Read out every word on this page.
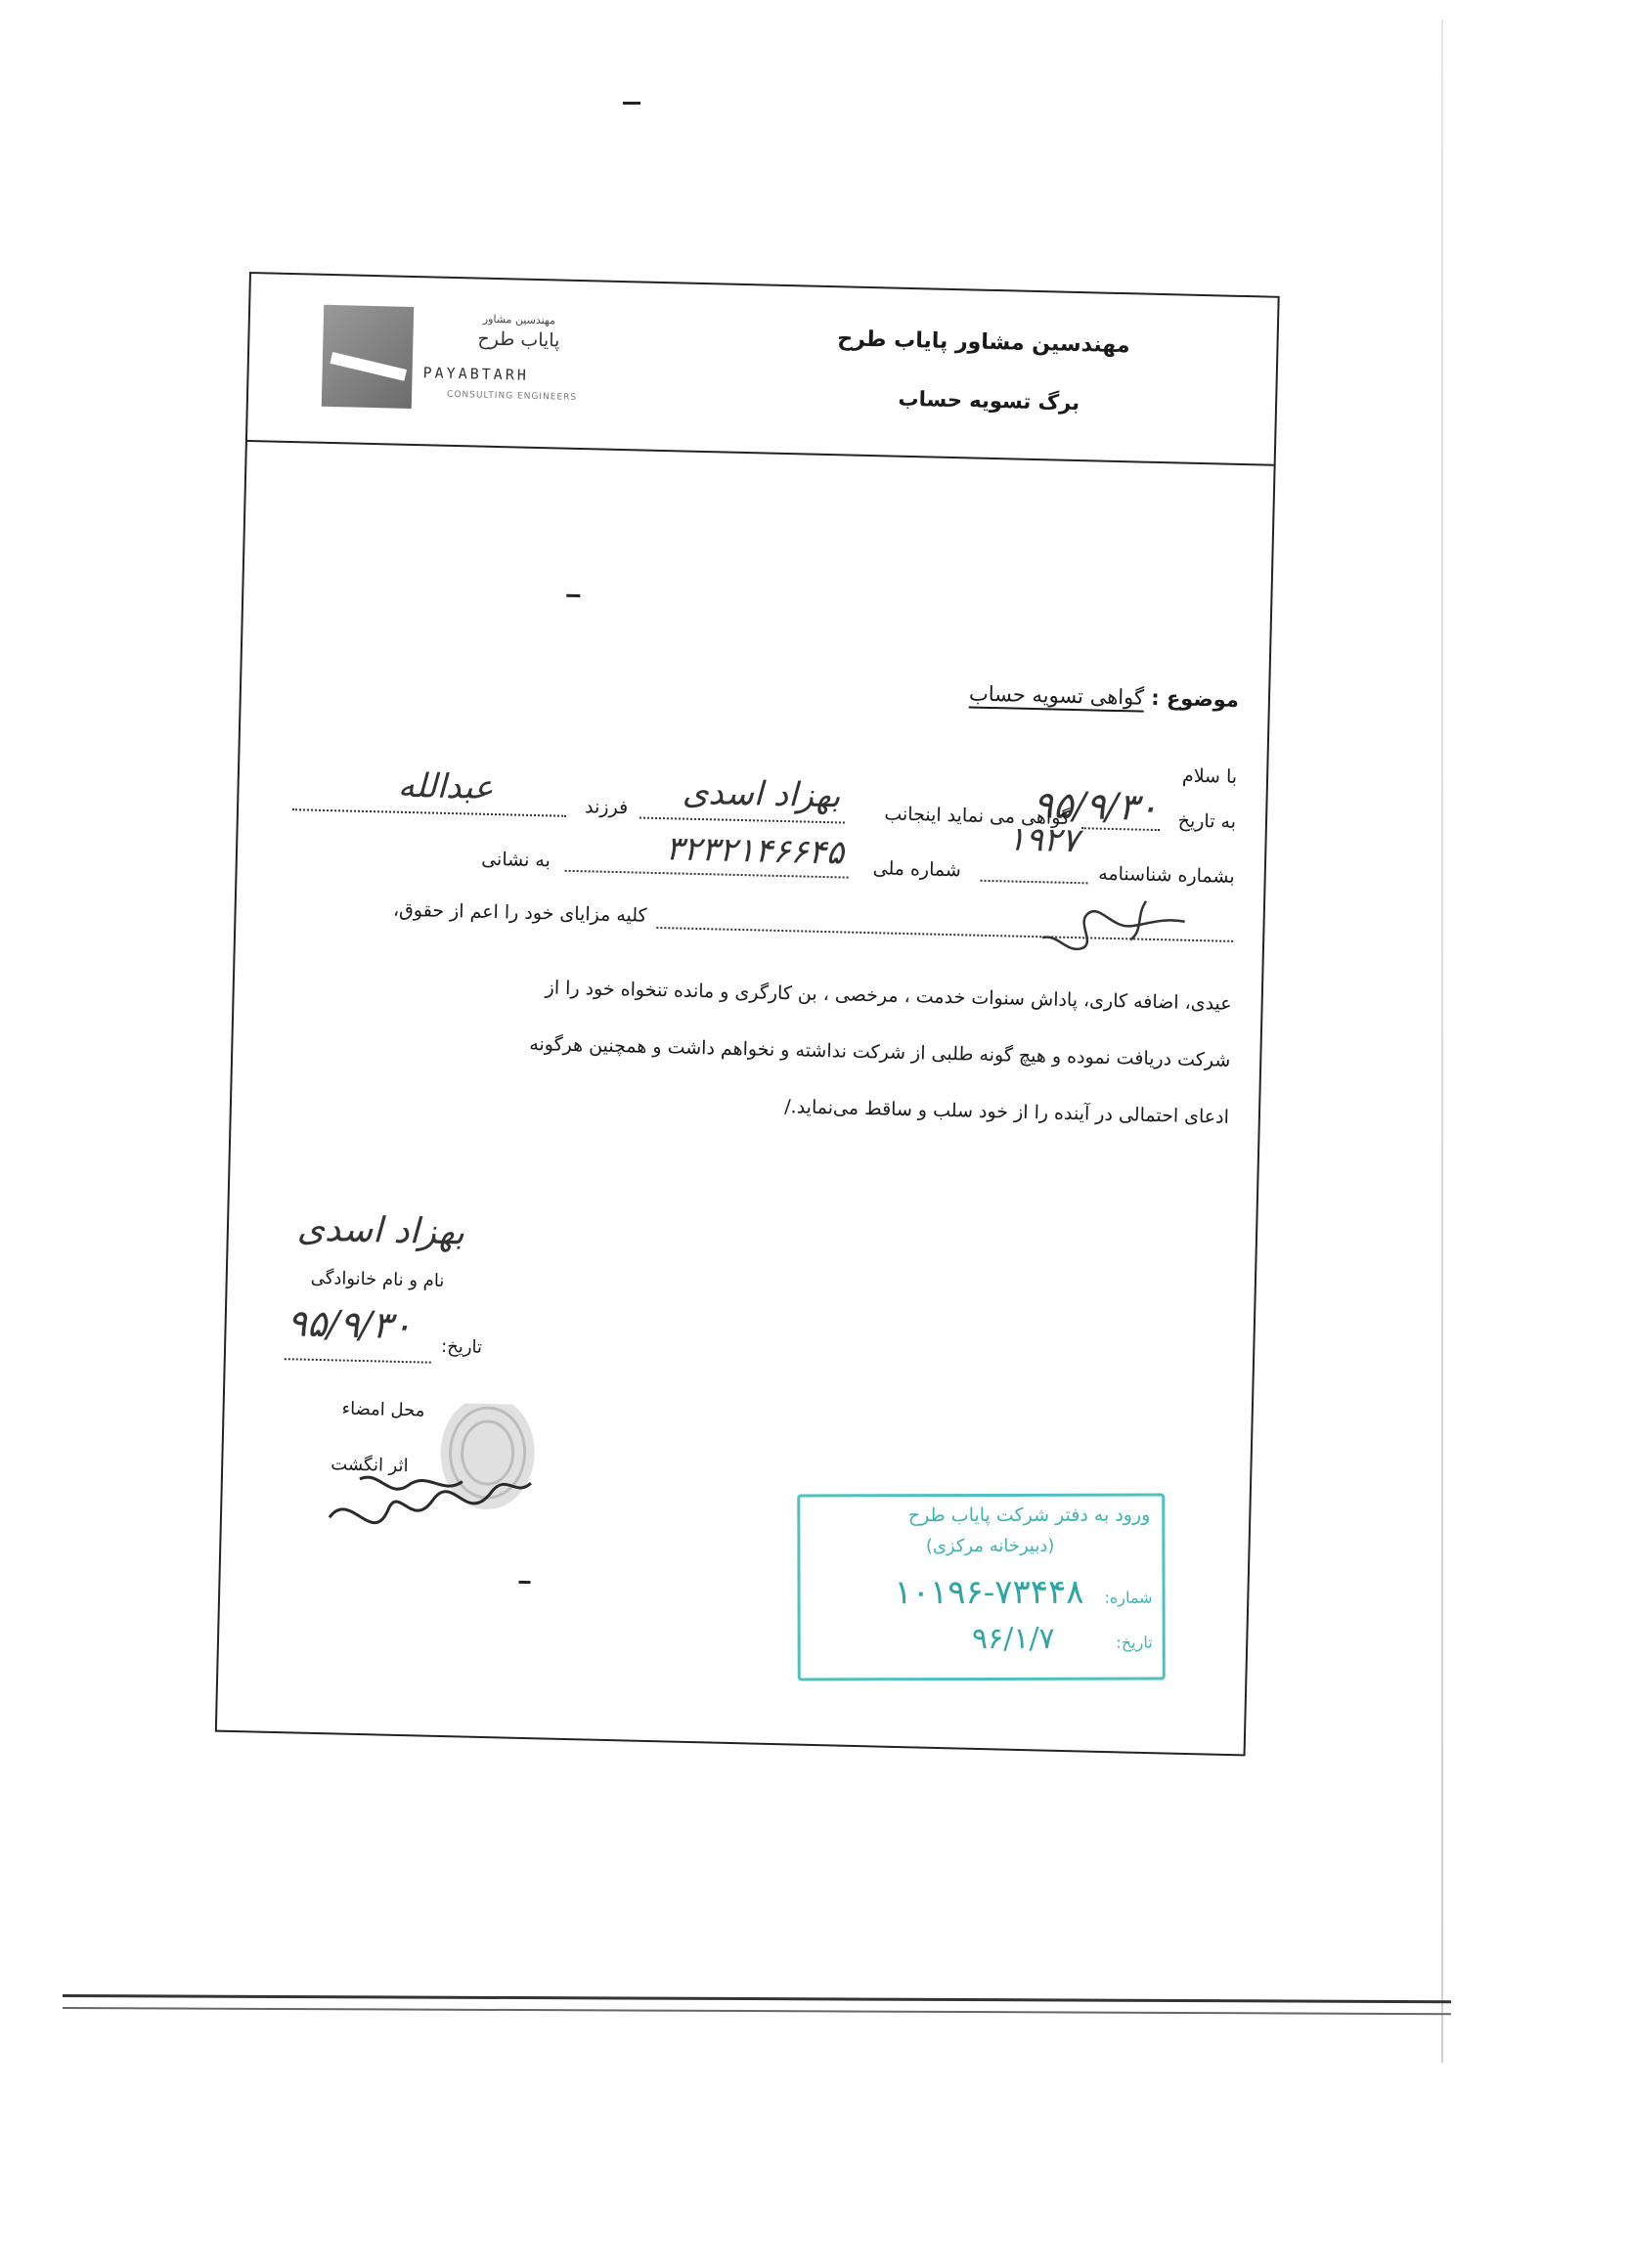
مهندسین مشاور پایاب طرح

برگ تسویه حساب

مهندسین مشاور

پایاب طرح

PAYABTARH

CONSULTING ENGINEERS

موضوع : گواهی تسویه حساب

با سلام

به تاریخ

۹۵/۹/۳۰

گواهی می نماید اینجانب

بهزاد اسدی

فرزند

عبدالله

بشماره شناسنامه

۱۹۲۷

شماره ملی

۳۲۳۲۱۴۶۶۴۵

به نشانی

کلیه مزایای خود را اعم از حقوق،

عیدی، اضافه کاری، پاداش سنوات خدمت ، مرخصی ، بن کارگری و مانده تنخواه خود را از

شرکت دریافت نموده و هیچ گونه طلبی از شرکت نداشته و نخواهم داشت و همچنین هرگونه

ادعای احتمالی در آینده را از خود سلب و ساقط می‌نماید./

بهزاد اسدی

نام و نام خانوادگی

۹۵/۹/۳۰ تاریخ:

محل امضاء

اثر انگشت

ورود به دفتر شرکت پایاب طرح

(دبیرخانه مرکزی)

شماره:

۱۰۱۹۶-۷۳۴۴۸

تاریخ:

۹۶/۱/۷
